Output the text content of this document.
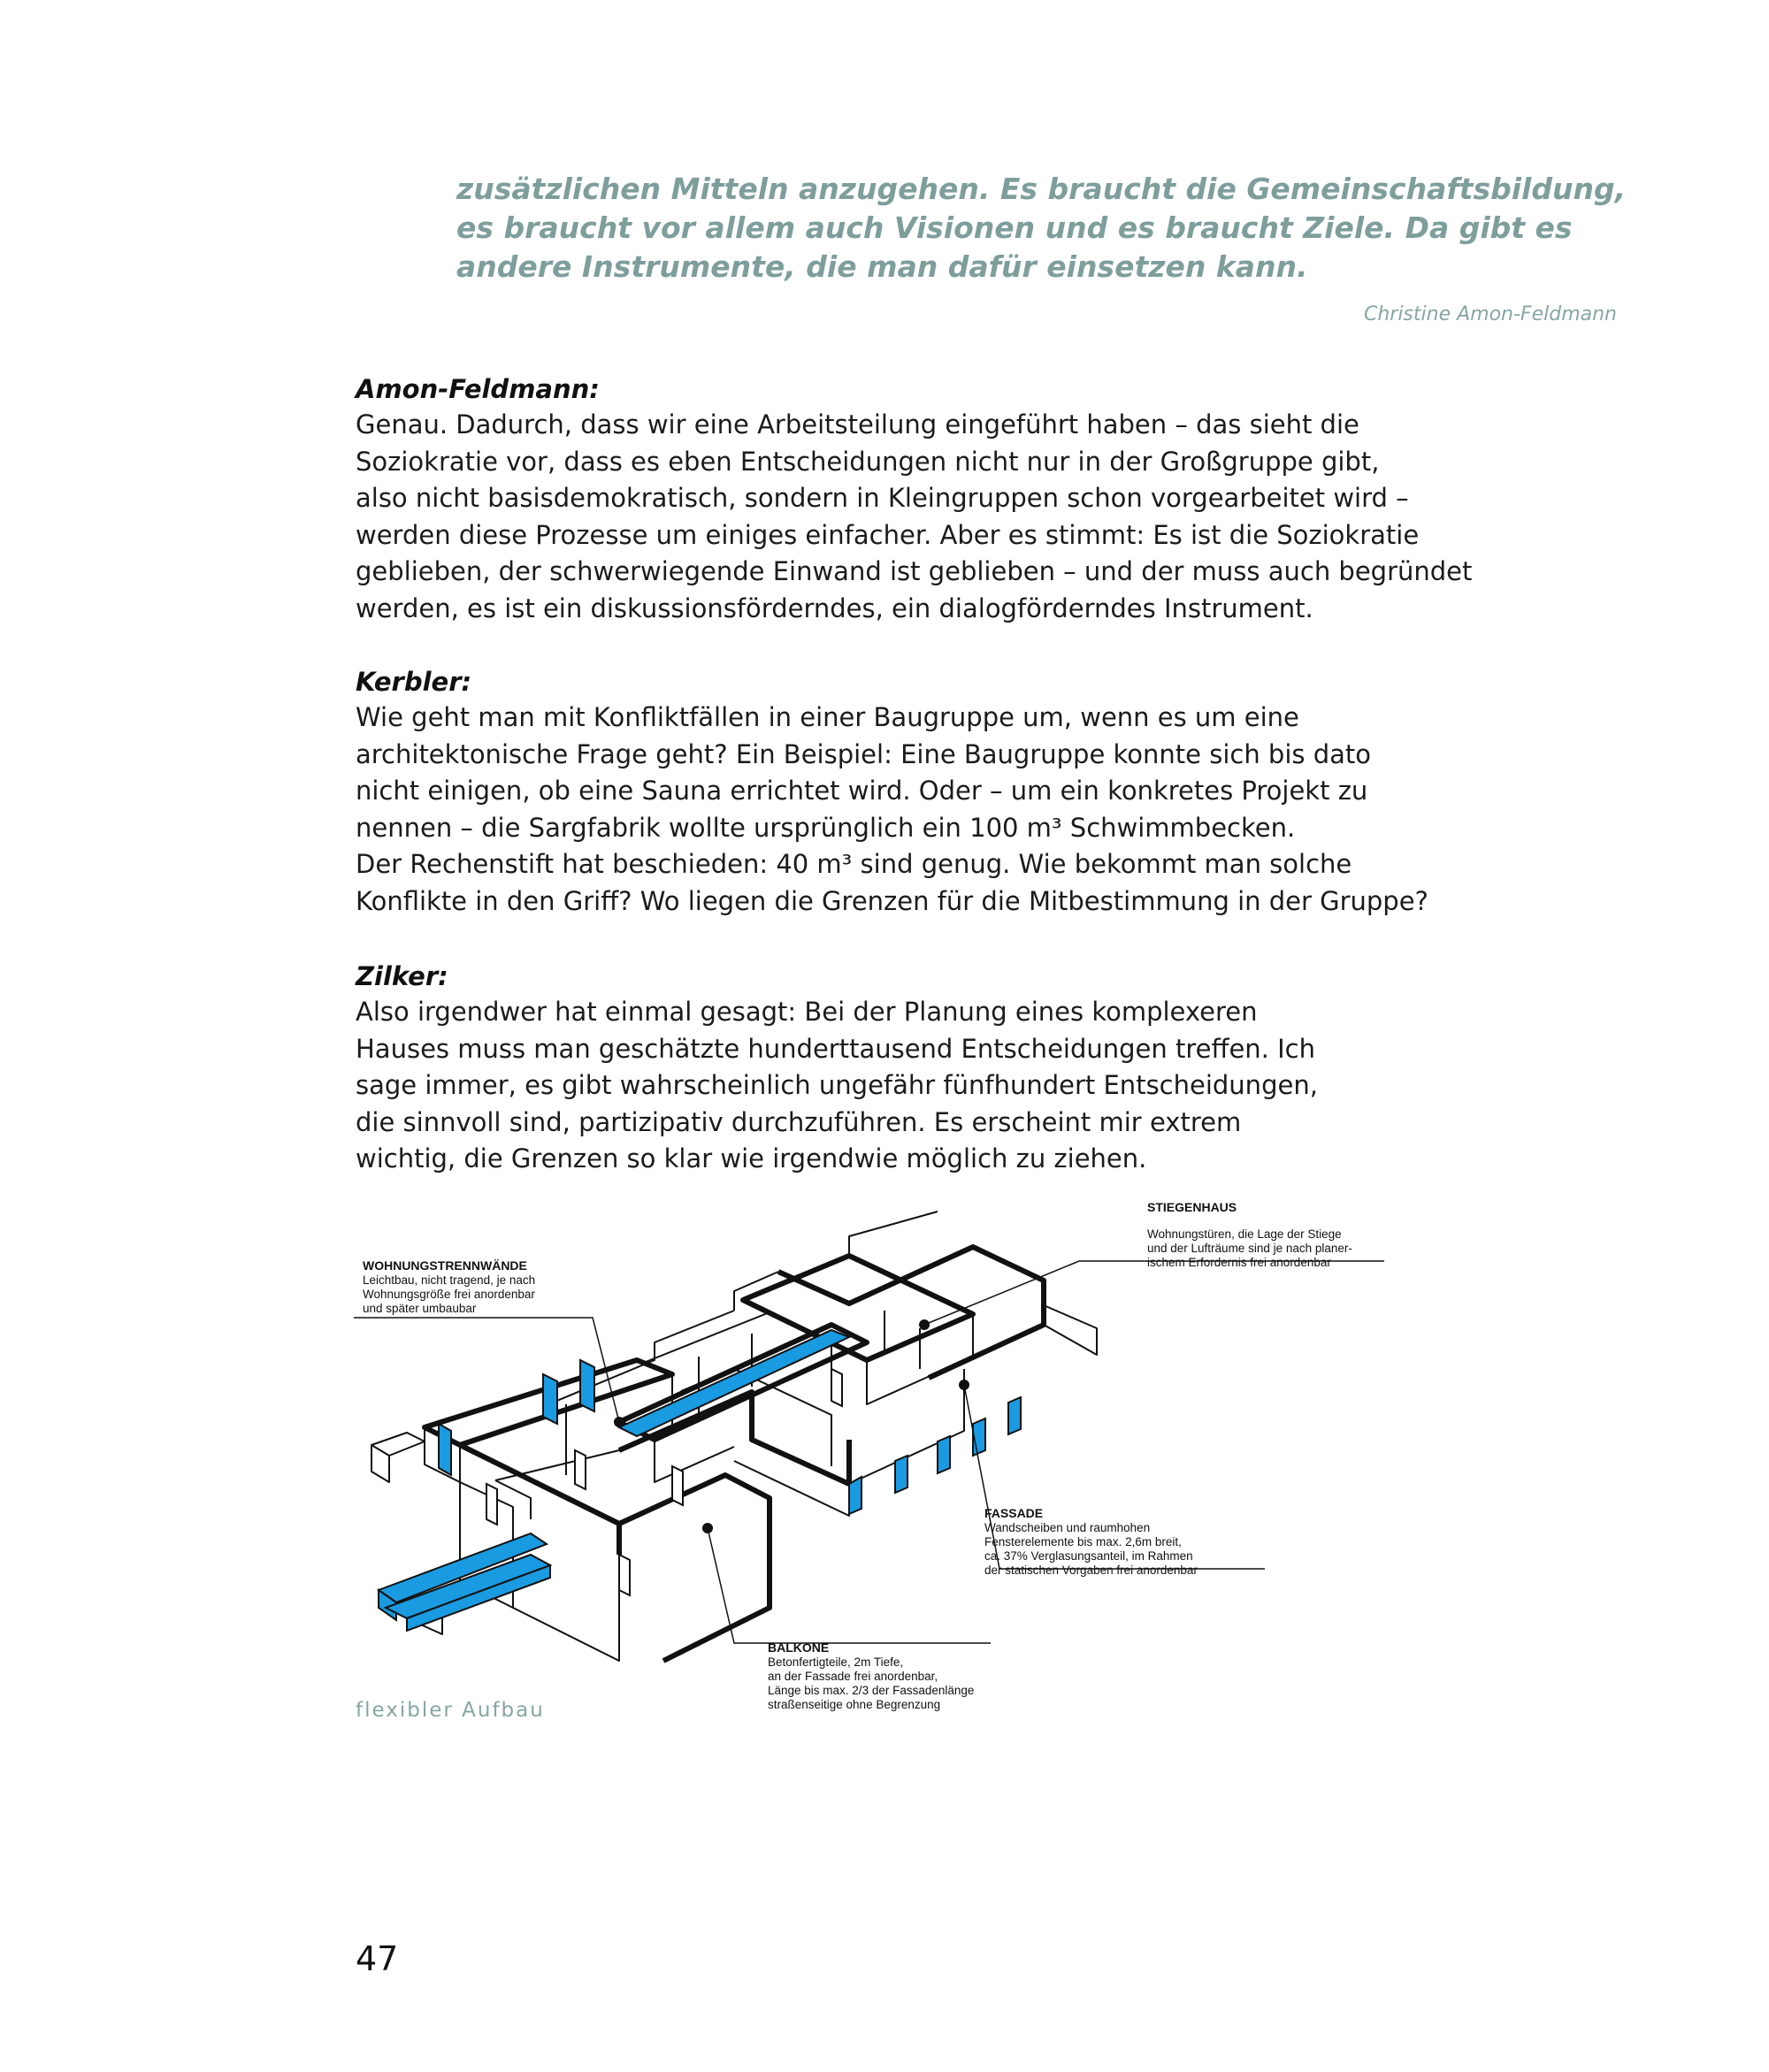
zusätzlichen Mitteln anzugehen. Es braucht die Gemeinschaftsbildung,
es braucht vor allem auch Visionen und es braucht Ziele. Da gibt es
andere Instrumente, die man dafür einsetzen kann.
Christine Amon-Feldmann

Amon-Feldmann:

Genau. Dadurch, dass wir eine Arbeitsteilung eingeführt haben – das sieht die
Soziokratie vor, dass es eben Entscheidungen nicht nur in der Großgruppe gibt,
also nicht basisdemokratisch, sondern in Kleingruppen schon vorgearbeitet wird –
werden diese Prozesse um einiges einfacher. Aber es stimmt: Es ist die Soziokratie
geblieben, der schwerwiegende Einwand ist geblieben – und der muss auch begründet
werden, es ist ein diskussionsförderndes, ein dialogförderndes Instrument.

Kerbler:

Wie geht man mit Konfliktfällen in einer Baugruppe um, wenn es um eine
architektonische Frage geht? Ein Beispiel: Eine Baugruppe konnte sich bis dato
nicht einigen, ob eine Sauna errichtet wird. Oder – um ein konkretes Projekt zu
nennen – die Sargfabrik wollte ursprünglich ein 100 m³ Schwimmbecken.
Der Rechenstift hat beschieden: 40 m³ sind genug. Wie bekommt man solche
Konflikte in den Griff? Wo liegen die Grenzen für die Mitbestimmung in der Gruppe?

Zilker:

Also irgendwer hat einmal gesagt: Bei der Planung eines komplexeren
Hauses muss man geschätzte hunderttausend Entscheidungen treffen. Ich
sage immer, es gibt wahrscheinlich ungefähr fünfhundert Entscheidungen,
die sinnvoll sind, partizipativ durchzuführen. Es erscheint mir extrem
wichtig, die Grenzen so klar wie irgendwie möglich zu ziehen.

WOHNUNGSTRENNWÄNDE
Leichtbau, nicht tragend, je nach
Wohnungsgröße frei anordenbar
und später umbaubar
STIEGENHAUS
FASSADE
Wandscheiben und raumhohen
Fensterelemente bis max. 2,6m breit,
ca. 37% Verglasungsanteil, im Rahmen
der statischen Vorgaben frei anordenbar
BALKONE
Betonfertigteile, 2m Tiefe,
an der Fassade frei anordenbar,
Länge bis max. 2/3 der Fassadenlänge
straßenseitige ohne Begrenzung
Wohnungstüren, die Lage der Stiege
und der Lufträume sind je nach planer-
ischem Erfordernis frei anordenbar
flexibler Aufbau
47
